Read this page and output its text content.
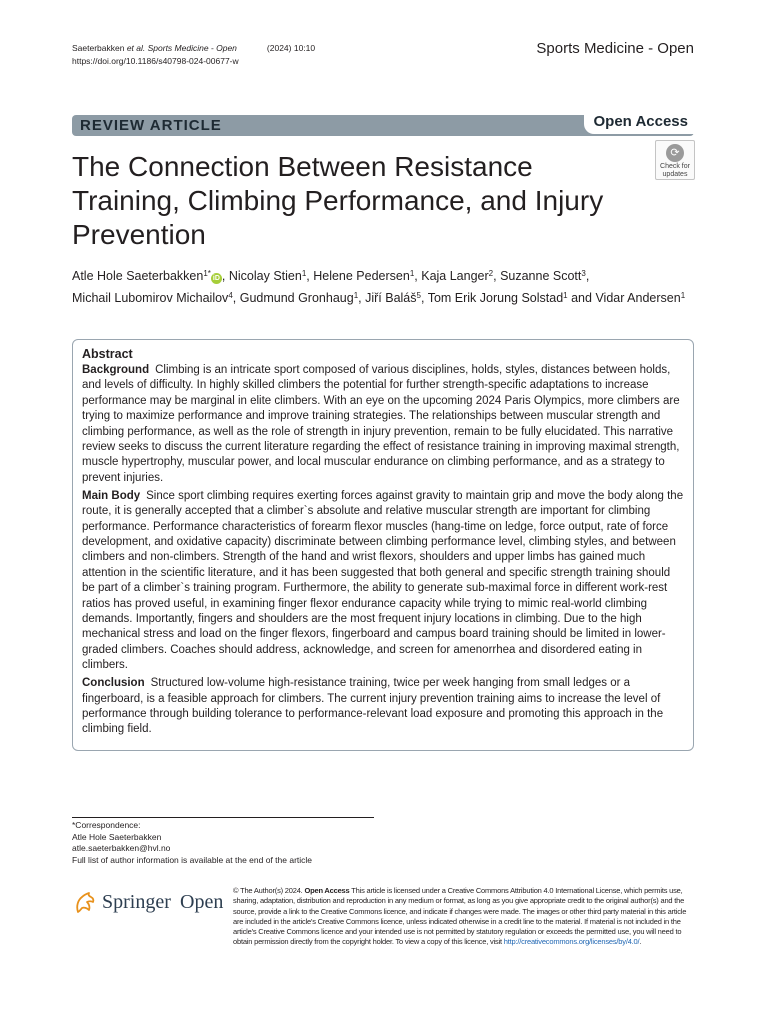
Saeterbakken et al. Sports Medicine - Open	(2024) 10:10
https://doi.org/10.1186/s40798-024-00677-w
Sports Medicine - Open
REVIEW ARTICLE	Open Access
The Connection Between Resistance Training, Climbing Performance, and Injury Prevention
⟳
Check for updates

Atle Hole Saeterbakken$^{1*}$iD , Nicolay Stien$^1$, Helene Pedersen$^1$, Kaja Langer$^2$, Suzanne Scott$^3$,

Michail Lubomirov Michailov$^4$, Gudmund Gronhaug$^1$, Jiří Baláš$^5$, Tom Erik Jorung Solstad$^1$ and Vidar Andersen$^1$

Abstract

Background Climbing is an intricate sport composed of various disciplines, holds, styles, distances between holds, and levels of difficulty. In highly skilled climbers the potential for further strength-specific adaptations to increase performance may be marginal in elite climbers. With an eye on the upcoming 2024 Paris Olympics, more climbers are trying to maximize performance and improve training strategies. The relationships between muscular strength and climbing performance, as well as the role of strength in injury prevention, remain to be fully elucidated. This narrative review seeks to discuss the current literature regarding the effect of resistance training in improving maximal strength, muscle hypertrophy, muscular power, and local muscular endurance on climbing performance, and as a strategy to prevent injuries.

Main Body Since sport climbing requires exerting forces against gravity to maintain grip and move the body along the route, it is generally accepted that a climber`s absolute and relative muscular strength are important for climbing performance. Performance characteristics of forearm flexor muscles (hang-time on ledge, force output, rate of force development, and oxidative capacity) discriminate between climbing performance level, climbing styles, and between climbers and non-climbers. Strength of the hand and wrist flexors, shoulders and upper limbs has gained much attention in the scientific literature, and it has been suggested that both general and specific strength training should be part of a climber`s training program. Furthermore, the ability to generate sub-maximal force in different work-rest ratios has proved useful, in examining finger flexor endurance capacity while trying to mimic real-world climbing demands. Importantly, fingers and shoulders are the most frequent injury locations in climbing. Due to the high mechanical stress and load on the finger flexors, fingerboard and campus board training should be limited in lower-graded climbers. Coaches should address, acknowledge, and screen for amenorrhea and disordered eating in climbers.

Conclusion Structured low-volume high-resistance training, twice per week hanging from small ledges or a fingerboard, is a feasible approach for climbers. The current injury prevention training aims to increase the level of performance through building tolerance to performance-relevant load exposure and promoting this approach in the climbing field.

*Correspondence:
Atle Hole Saeterbakken
atle.saeterbakken@hvl.no
Full list of author information is available at the end of the article
Springer Open
© The Author(s) 2024. Open Access This article is licensed under a Creative Commons Attribution 4.0 International License, which permits use, sharing, adaptation, distribution and reproduction in any medium or format, as long as you give appropriate credit to the original author(s) and the source, provide a link to the Creative Commons licence, and indicate if changes were made. The images or other third party material in this article are included in the article's Creative Commons licence, unless indicated otherwise in a credit line to the material. If material is not included in the article's Creative Commons licence and your intended use is not permitted by statutory regulation or exceeds the permitted use, you will need to obtain permission directly from the copyright holder. To view a copy of this licence, visit http://creativecommons.org/licenses/by/4.0/.
